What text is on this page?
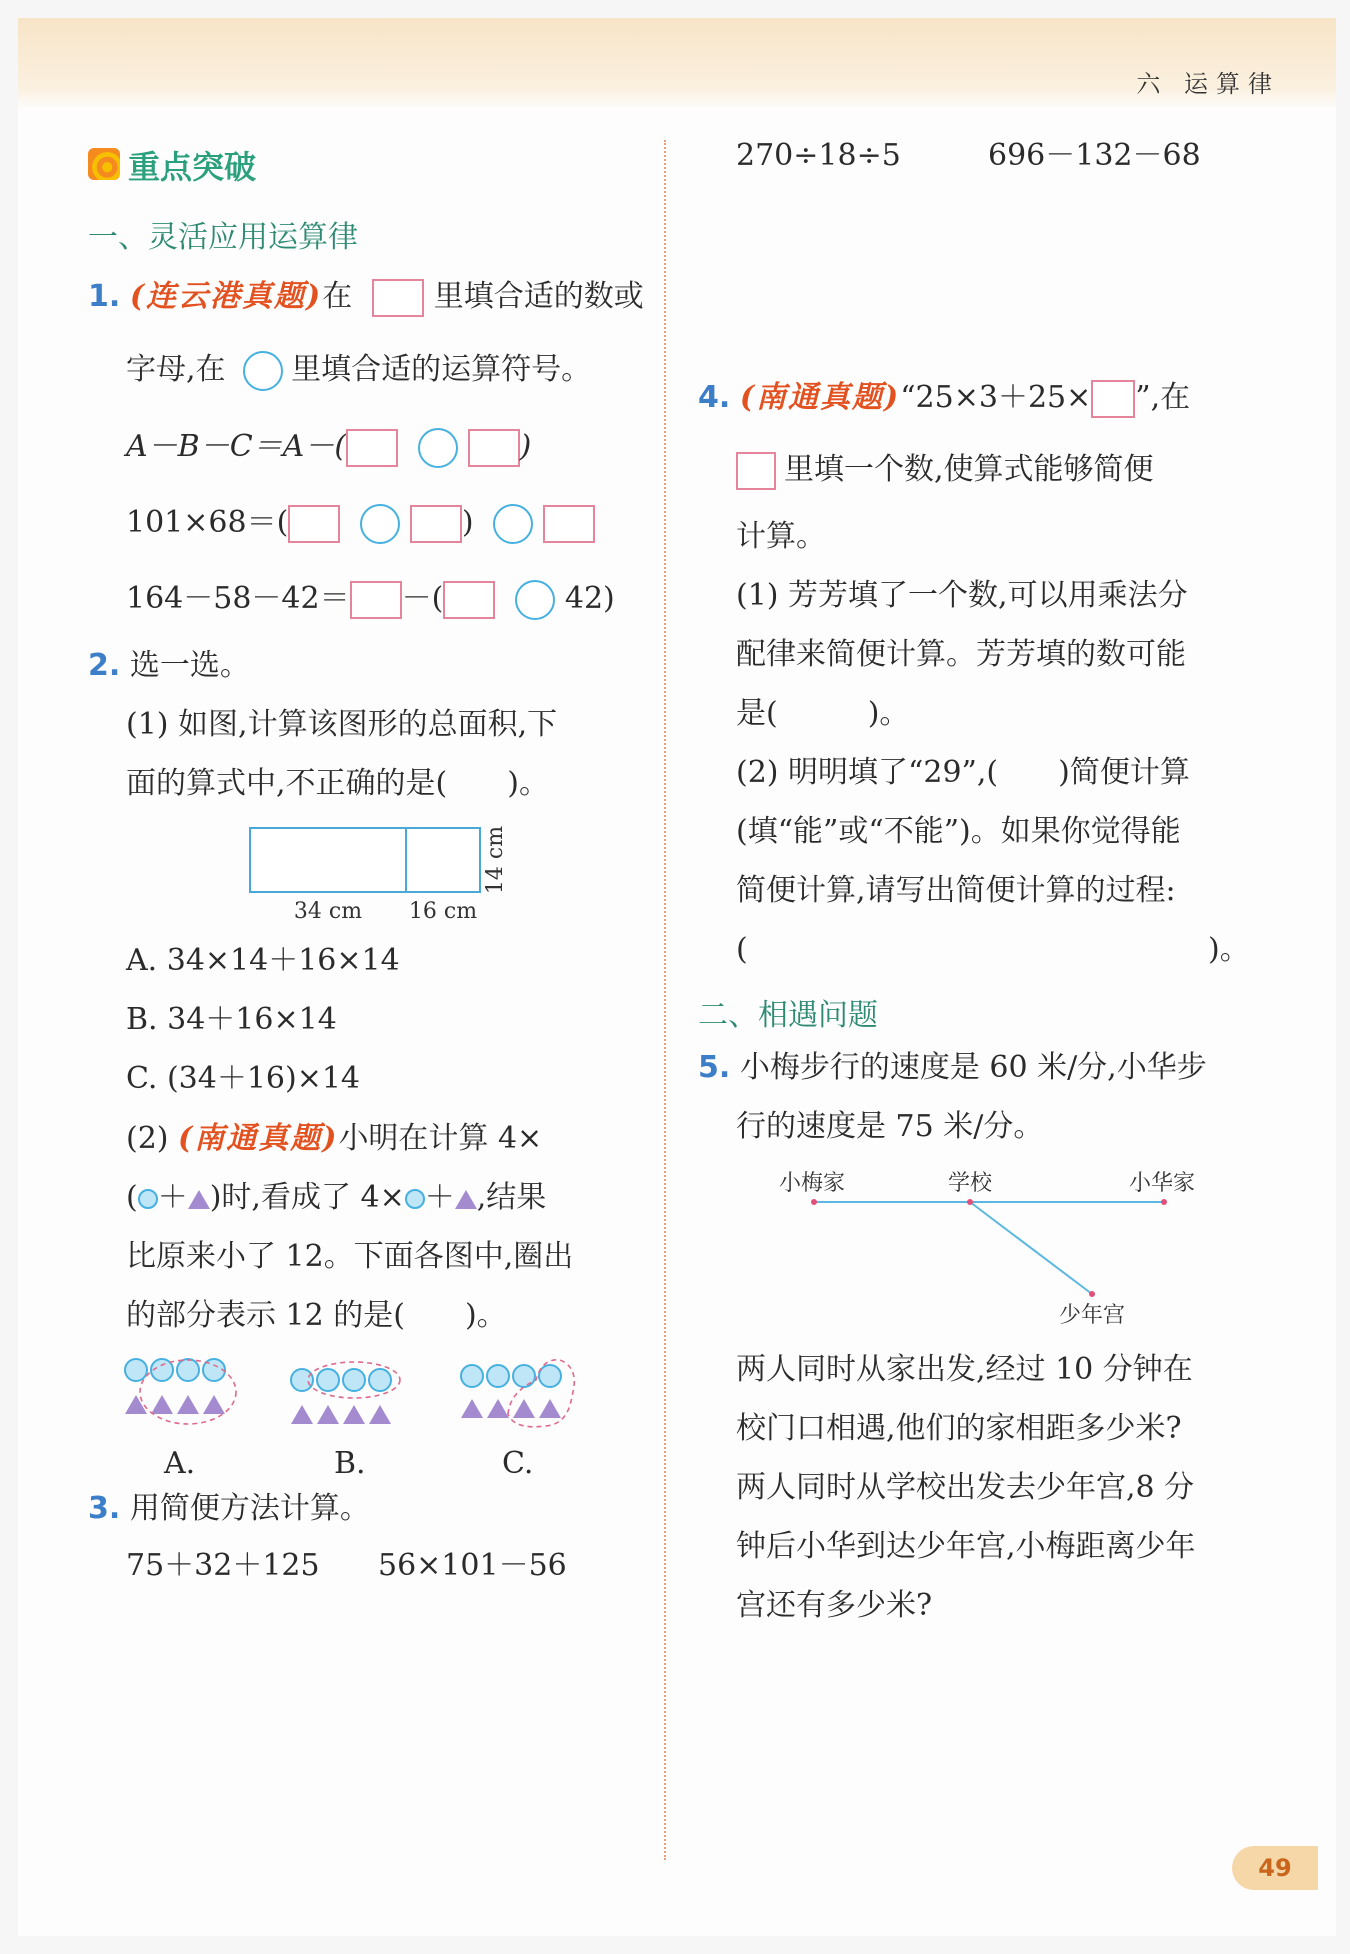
六 运算律
重点突破
一、灵活应用运算律
1. (连云港真题)在	里填合适的数或
字母,在 里填合适的运算符号。
A－B－C＝A－(	)
101×68＝(	)
164－58－42＝ －(	42)
2. 选一选。
(1) 如图,计算该图形的总面积,下
面的算式中,不正确的是(　　)。
34 cm 16 cm
14 cm
A. 34×14＋16×14
B. 34＋16×14
C. (34＋16)×14
(2) (南通真题)小明在计算 4×
( ＋ )时,看成了 4× ＋ ,结果
比原来小了 12。下面各图中,圈出
的部分表示 12 的是(　　)。
A.	B.	C.
3. 用简便方法计算。
75＋32＋125 56×101－56
270÷18÷5	696－132－68
4. (南通真题)“25×3＋25× ”,在
里填一个数,使算式能够简便
计算。
(1) 芳芳填了一个数,可以用乘法分
配律来简便计算。芳芳填的数可能
是(　　　)。
(2) 明明填了“29”,(　　)简便计算
(填“能”或“不能”)。如果你觉得能
简便计算,请写出简便计算的过程:
(	)。
二、相遇问题
5. 小梅步行的速度是 60 米/分,小华步
行的速度是 75 米/分。
小梅家	学校	小华家
少年宫
两人同时从家出发,经过 10 分钟在
校门口相遇,他们的家相距多少米?
两人同时从学校出发去少年宫,8 分
钟后小华到达少年宫,小梅距离少年
宫还有多少米?
49
